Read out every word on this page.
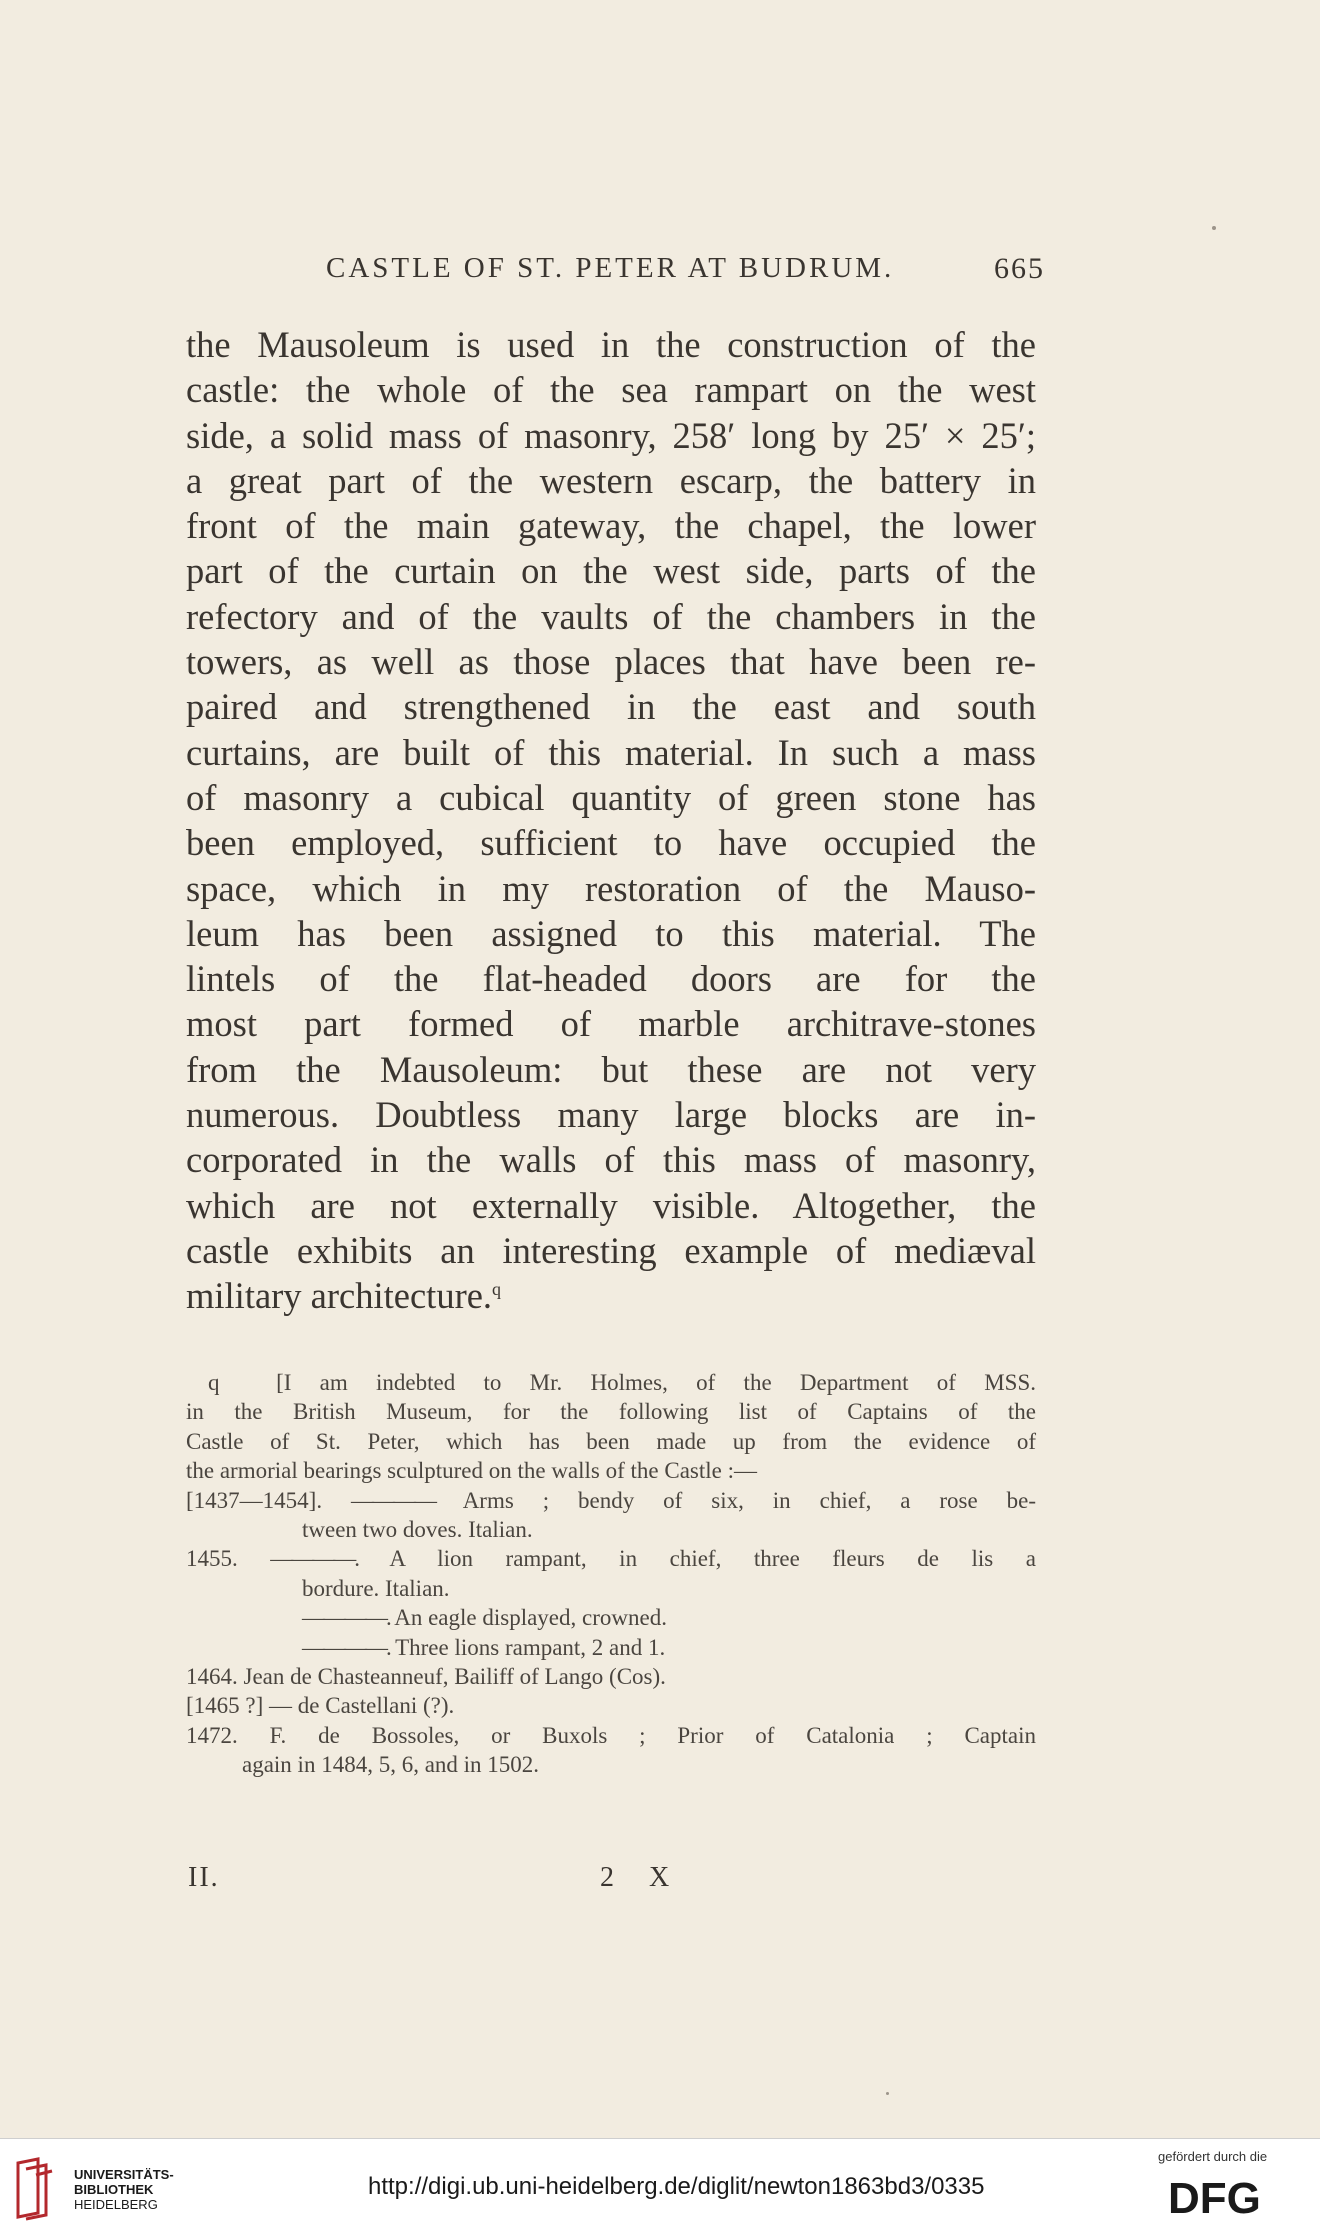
CASTLE OF ST. PETER AT BUDRUM.	665
the Mausoleum is used in the construction of the
castle: the whole of the sea rampart on the west
side, a solid mass of masonry, 258′ long by 25′ × 25′;
a great part of the western escarp, the battery in
front of the main gateway, the chapel, the lower
part of the curtain on the west side, parts of the
refectory and of the vaults of the chambers in the
towers, as well as those places that have been re-
paired and strengthened in the east and south
curtains, are built of this material. In such a mass
of masonry a cubical quantity of green stone has
been employed, sufficient to have occupied the
space, which in my restoration of the Mauso-
leum has been assigned to this material. The
lintels of the flat-headed doors are for the
most part formed of marble architrave-stones
from the Mausoleum: but these are not very
numerous. Doubtless many large blocks are in-
corporated in the walls of this mass of masonry,
which are not externally visible. Altogether, the
castle exhibits an interesting example of mediæval
military architecture.$^q$
q [I am indebted to Mr. Holmes, of the Department of MSS.
in the British Museum, for the following list of Captains of the
Castle of St. Peter, which has been made up from the evidence of
the armorial bearings sculptured on the walls of the Castle :—
[1437—1454]. ———— Arms ; bendy of six, in chief, a rose be-
tween two doves. Italian.
1455. ————. A lion rampant, in chief, three fleurs de lis a
bordure. Italian.
————. An eagle displayed, crowned.
————. Three lions rampant, 2 and 1.
1464. Jean de Chasteanneuf, Bailiff of Lango (Cos).
[1465 ?] — de Castellani (?).
1472. F. de Bossoles, or Buxols ; Prior of Catalonia ; Captain
again in 1484, 5, 6, and in 1502.
II.	2 X
UNIVERSITÄTS-
BIBLIOTHEK
HEIDELBERG
http://digi.ub.uni-heidelberg.de/diglit/newton1863bd3/0335
gefördert durch die
DFG
